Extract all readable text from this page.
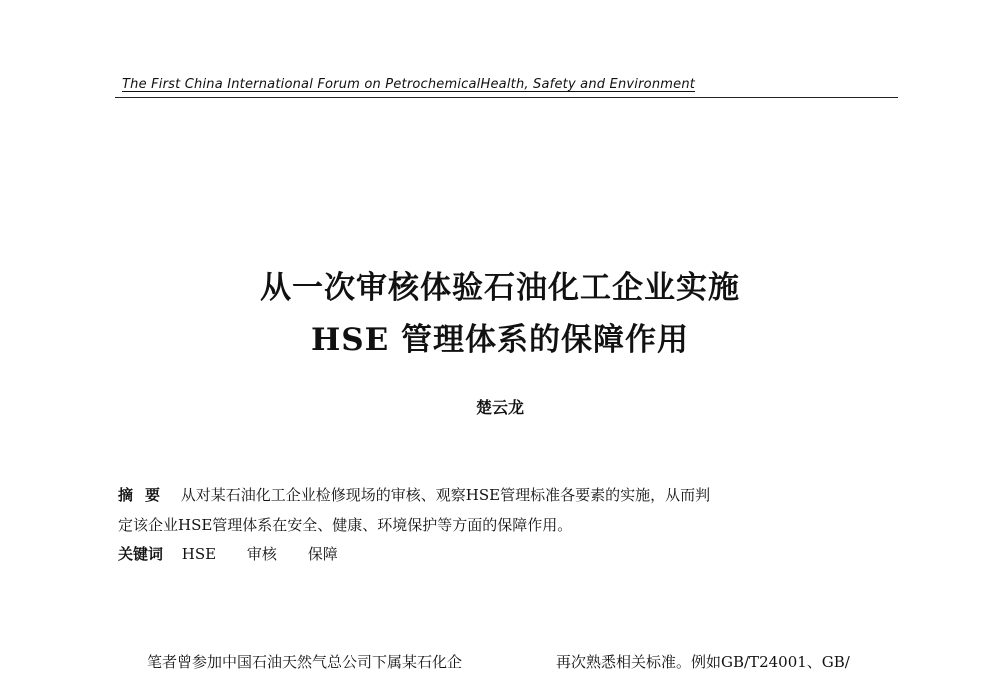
The First China International Forum on PetrochemicalHealth, Safety and Environment
从一次审核体验石油化工企业实施
HSE 管理体系的保障作用
楚云龙
摘要 从对某石油化工企业检修现场的审核、观察HSE管理标准各要素的实施，从而判
定该企业HSE管理体系在安全、健康、环境保护等方面的保障作用。
关键词 HSE 审核 保障
笔者曾参加中国石油天然气总公司下属某石化企	再次熟悉相关标准。例如GB/T24001、GB/
